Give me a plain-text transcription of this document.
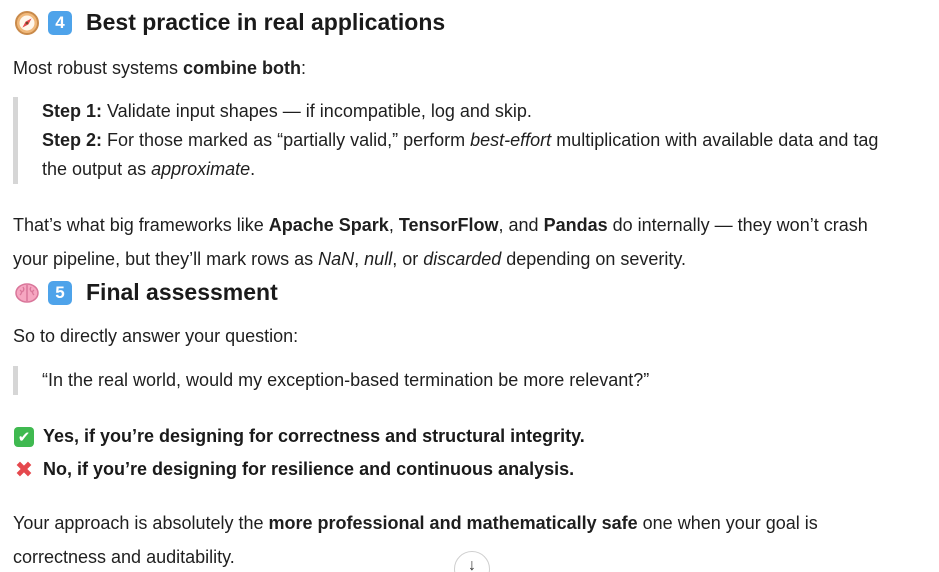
4 Best practice in real applications
Most robust systems combine both:
Step 1: Validate input shapes — if incompatible, log and skip.
Step 2: For those marked as “partially valid,” perform best-effort multiplication with available data and tag
the output as approximate.
That’s what big frameworks like Apache Spark, TensorFlow, and Pandas do internally — they won’t crash
your pipeline, but they’ll mark rows as NaN, null, or discarded depending on severity.
5 Final assessment
So to directly answer your question:
“In the real world, would my exception-based termination be more relevant?”
✔ Yes, if you’re designing for correctness and structural integrity.
✖ No, if you’re designing for resilience and continuous analysis.
Your approach is absolutely the more professional and mathematically safe one when your goal is
correctness and auditability.	↓
